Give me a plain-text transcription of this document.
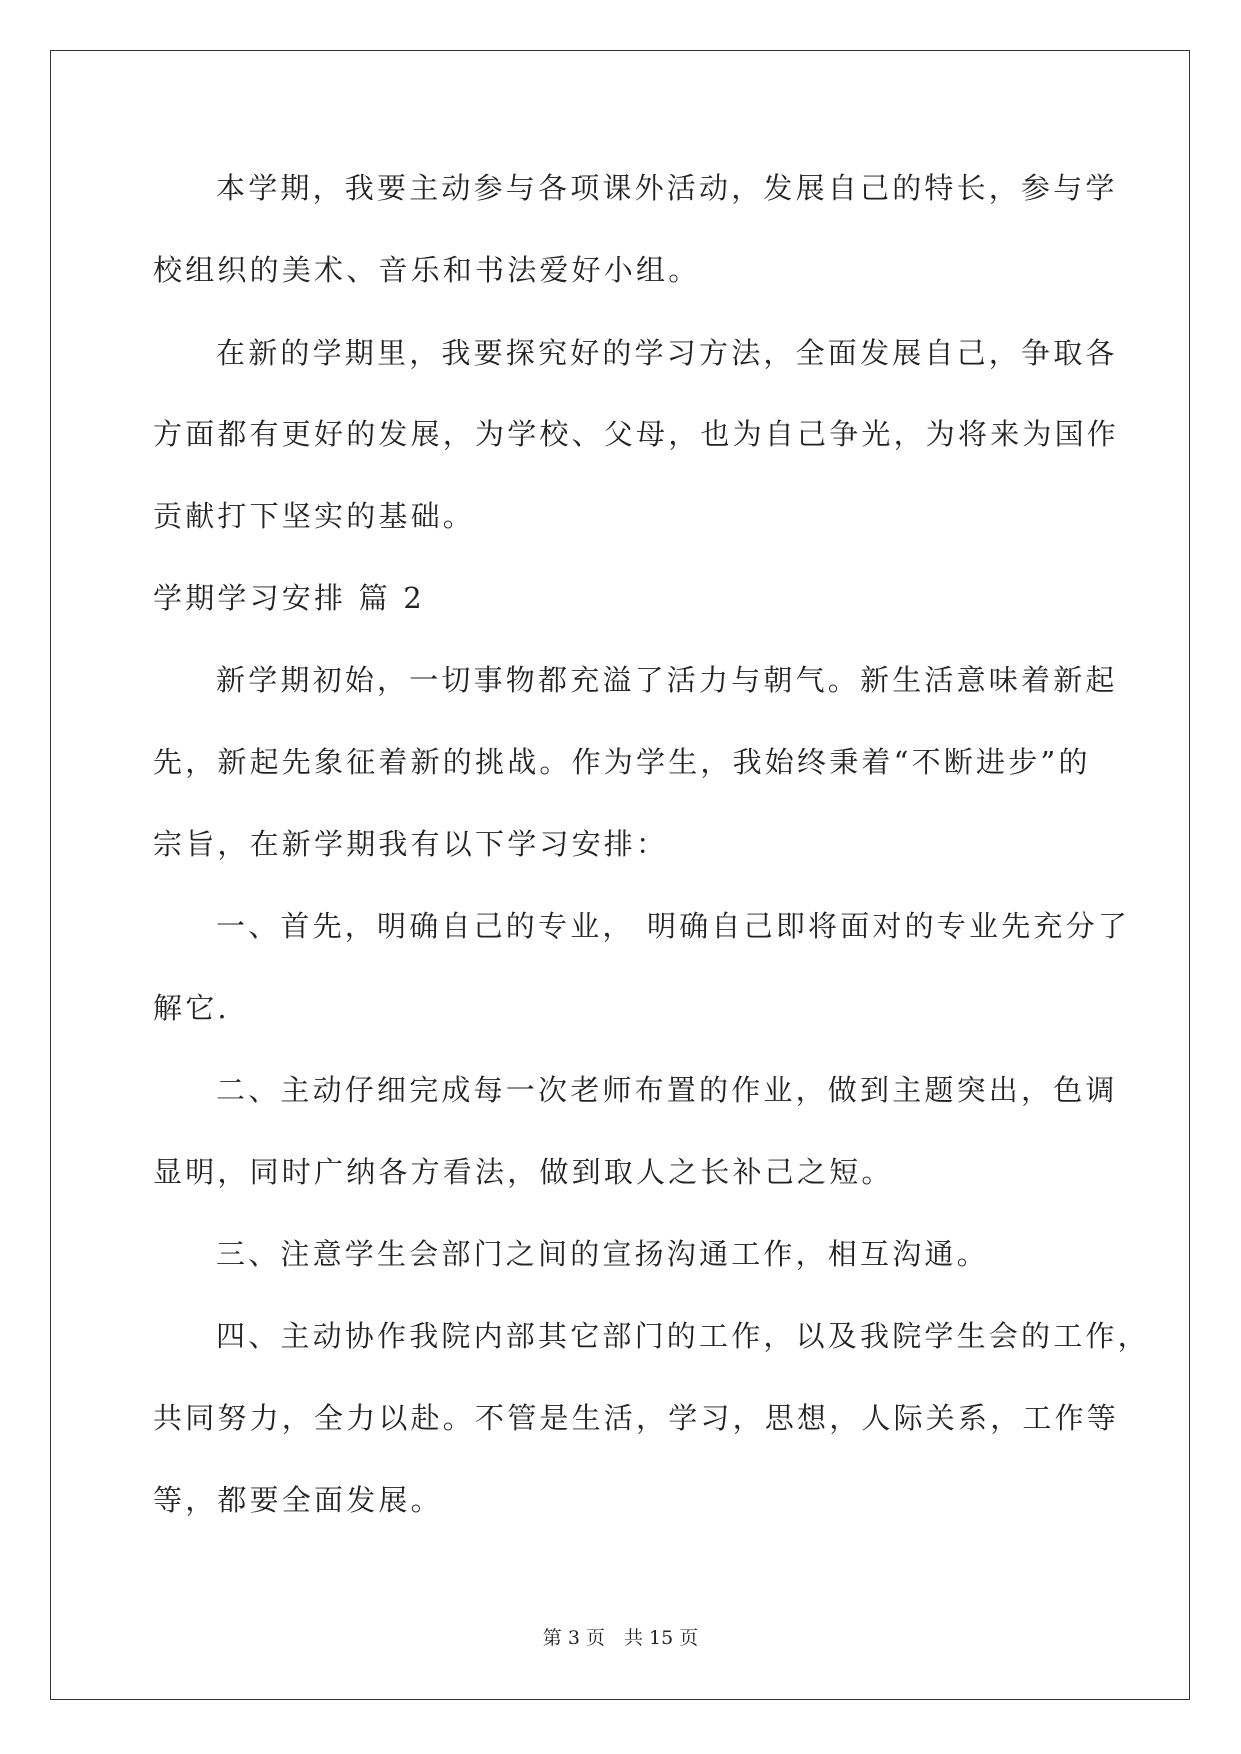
本学期，我要主动参与各项课外活动，发展自己的特长，参与学
校组织的美术、音乐和书法爱好小组。
在新的学期里，我要探究好的学习方法，全面发展自己，争取各
方面都有更好的发展，为学校、父母，也为自己争光，为将来为国作
贡献打下坚实的基础。
学期学习安排 篇 2
新学期初始，一切事物都充溢了活力与朝气。新生活意味着新起
先，新起先象征着新的挑战。作为学生，我始终秉着“不断进步”的
宗旨，在新学期我有以下学习安排：
一、首先，明确自己的专业， 明确自己即将面对的专业先充分了
解它.
二、主动仔细完成每一次老师布置的作业，做到主题突出，色调
显明，同时广纳各方看法，做到取人之长补己之短。
三、注意学生会部门之间的宣扬沟通工作，相互沟通。
四、主动协作我院内部其它部门的工作，以及我院学生会的工作，
共同努力，全力以赴。不管是生活，学习，思想，人际关系，工作等
等，都要全面发展。
第 3 页　共 15 页
